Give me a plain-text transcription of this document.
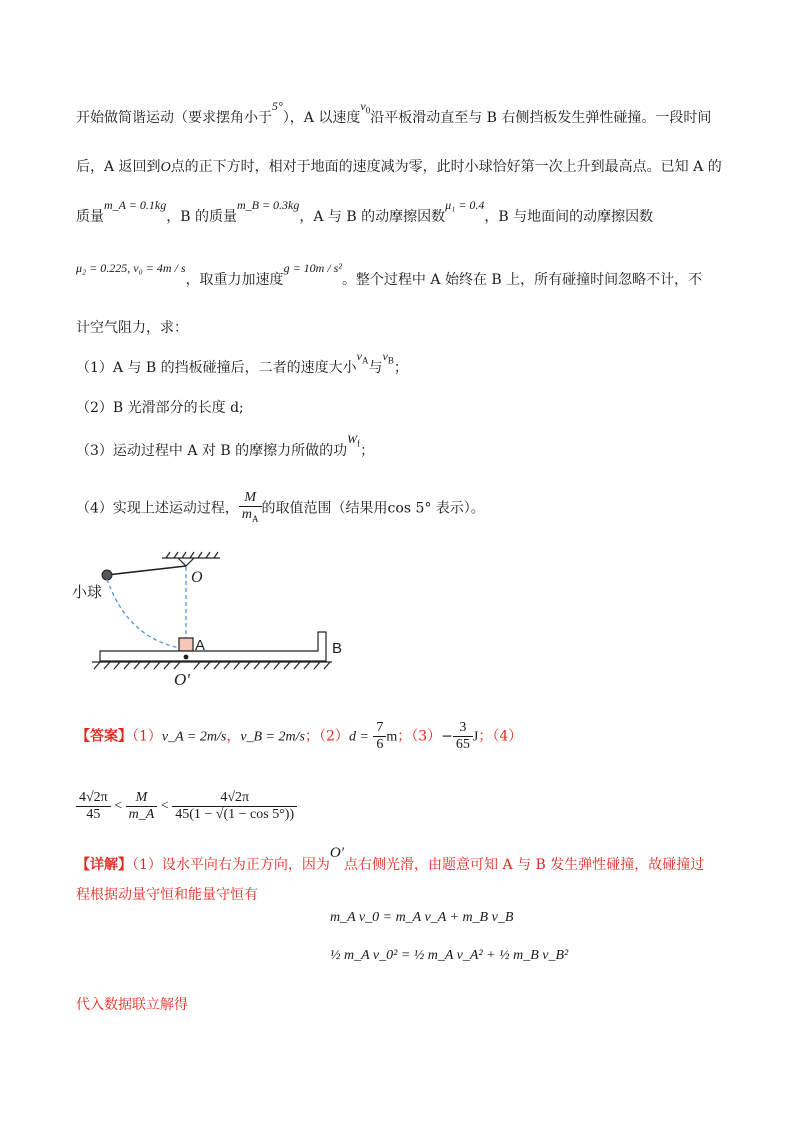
开始做简谐运动（要求摆角小于5°），A 以速度$v_0$沿平板滑动直至与 B 右侧挡板发生弹性碰撞。一段时间
后，A 返回到O点的正下方时，相对于地面的速度减为零，此时小球恰好第一次上升到最高点。已知 A 的
质量m_A = 0.1kg，B 的质量m_B = 0.3kg，A 与 B 的动摩擦因数μ₁ = 0.4，B 与地面间的动摩擦因数
μ₂ = 0.225, v₀ = 4m / s，取重力加速度g = 10m / s²。整个过程中 A 始终在 B 上，所有碰撞时间忽略不计，不
计空气阻力，求：
（1）A 与 B 的挡板碰撞后，二者的速度大小$v_A$与$v_B$；
（2）B 光滑部分的长度 d;
（3）运动过程中 A 对 B 的摩擦力所做的功$W_f$；
（4）实现上述运动过程， $\frac{M}{m_A}$ 的取值范围（结果用cos 5° 表示）。
小球
O
A	B
O′
【答案】（1）v_A = 2m/s，v_B = 2m/s；$(2)d = \frac{7}{6}$ m；$(3)- \frac{3}{65}$ J；（4）
$\frac{4√2\pi}{45} < \frac{M}{m\_A} < \frac{4√2\pi}{45(1 - √(1 - \cos 5^\circ))}$
【详解】（1）设水平向右为正方向，因为O′点右侧光滑，由题意可知 A 与 B 发生弹性碰撞，故碰撞过
程根据动量守恒和能量守恒有
m_A v_0 = m_A v_A + m_B v_B
½ m_A v_0² = ½ m_A v_A² + ½ m_B v_B²
代入数据联立解得
